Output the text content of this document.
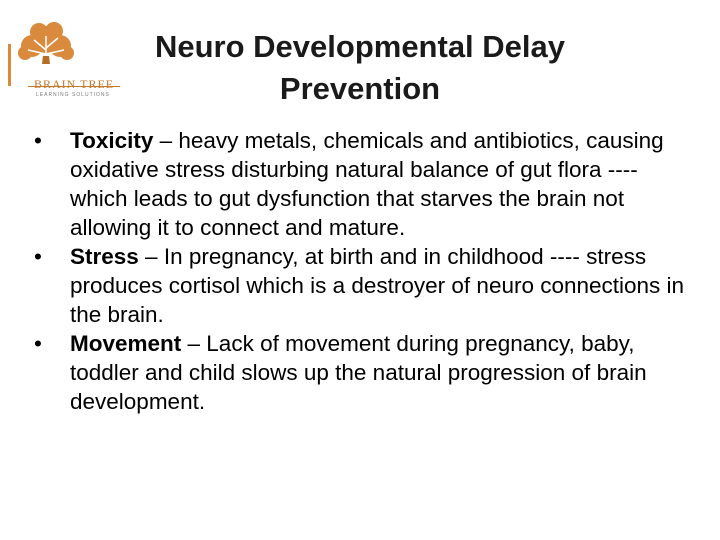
BRAIN TREE
LEARNING SOLUTIONS
Neuro Developmental Delay
Prevention
• Toxicity – heavy metals, chemicals and antibiotics, causing oxidative stress disturbing natural balance of gut flora ---- which leads to gut dysfunction that starves the brain not allowing it to connect and mature.
• Stress – In pregnancy, at birth and in childhood ---- stress produces cortisol which is a destroyer of neuro connections in the brain.
• Movement – Lack of movement during pregnancy, baby, toddler and child slows up the natural progression of brain development.
